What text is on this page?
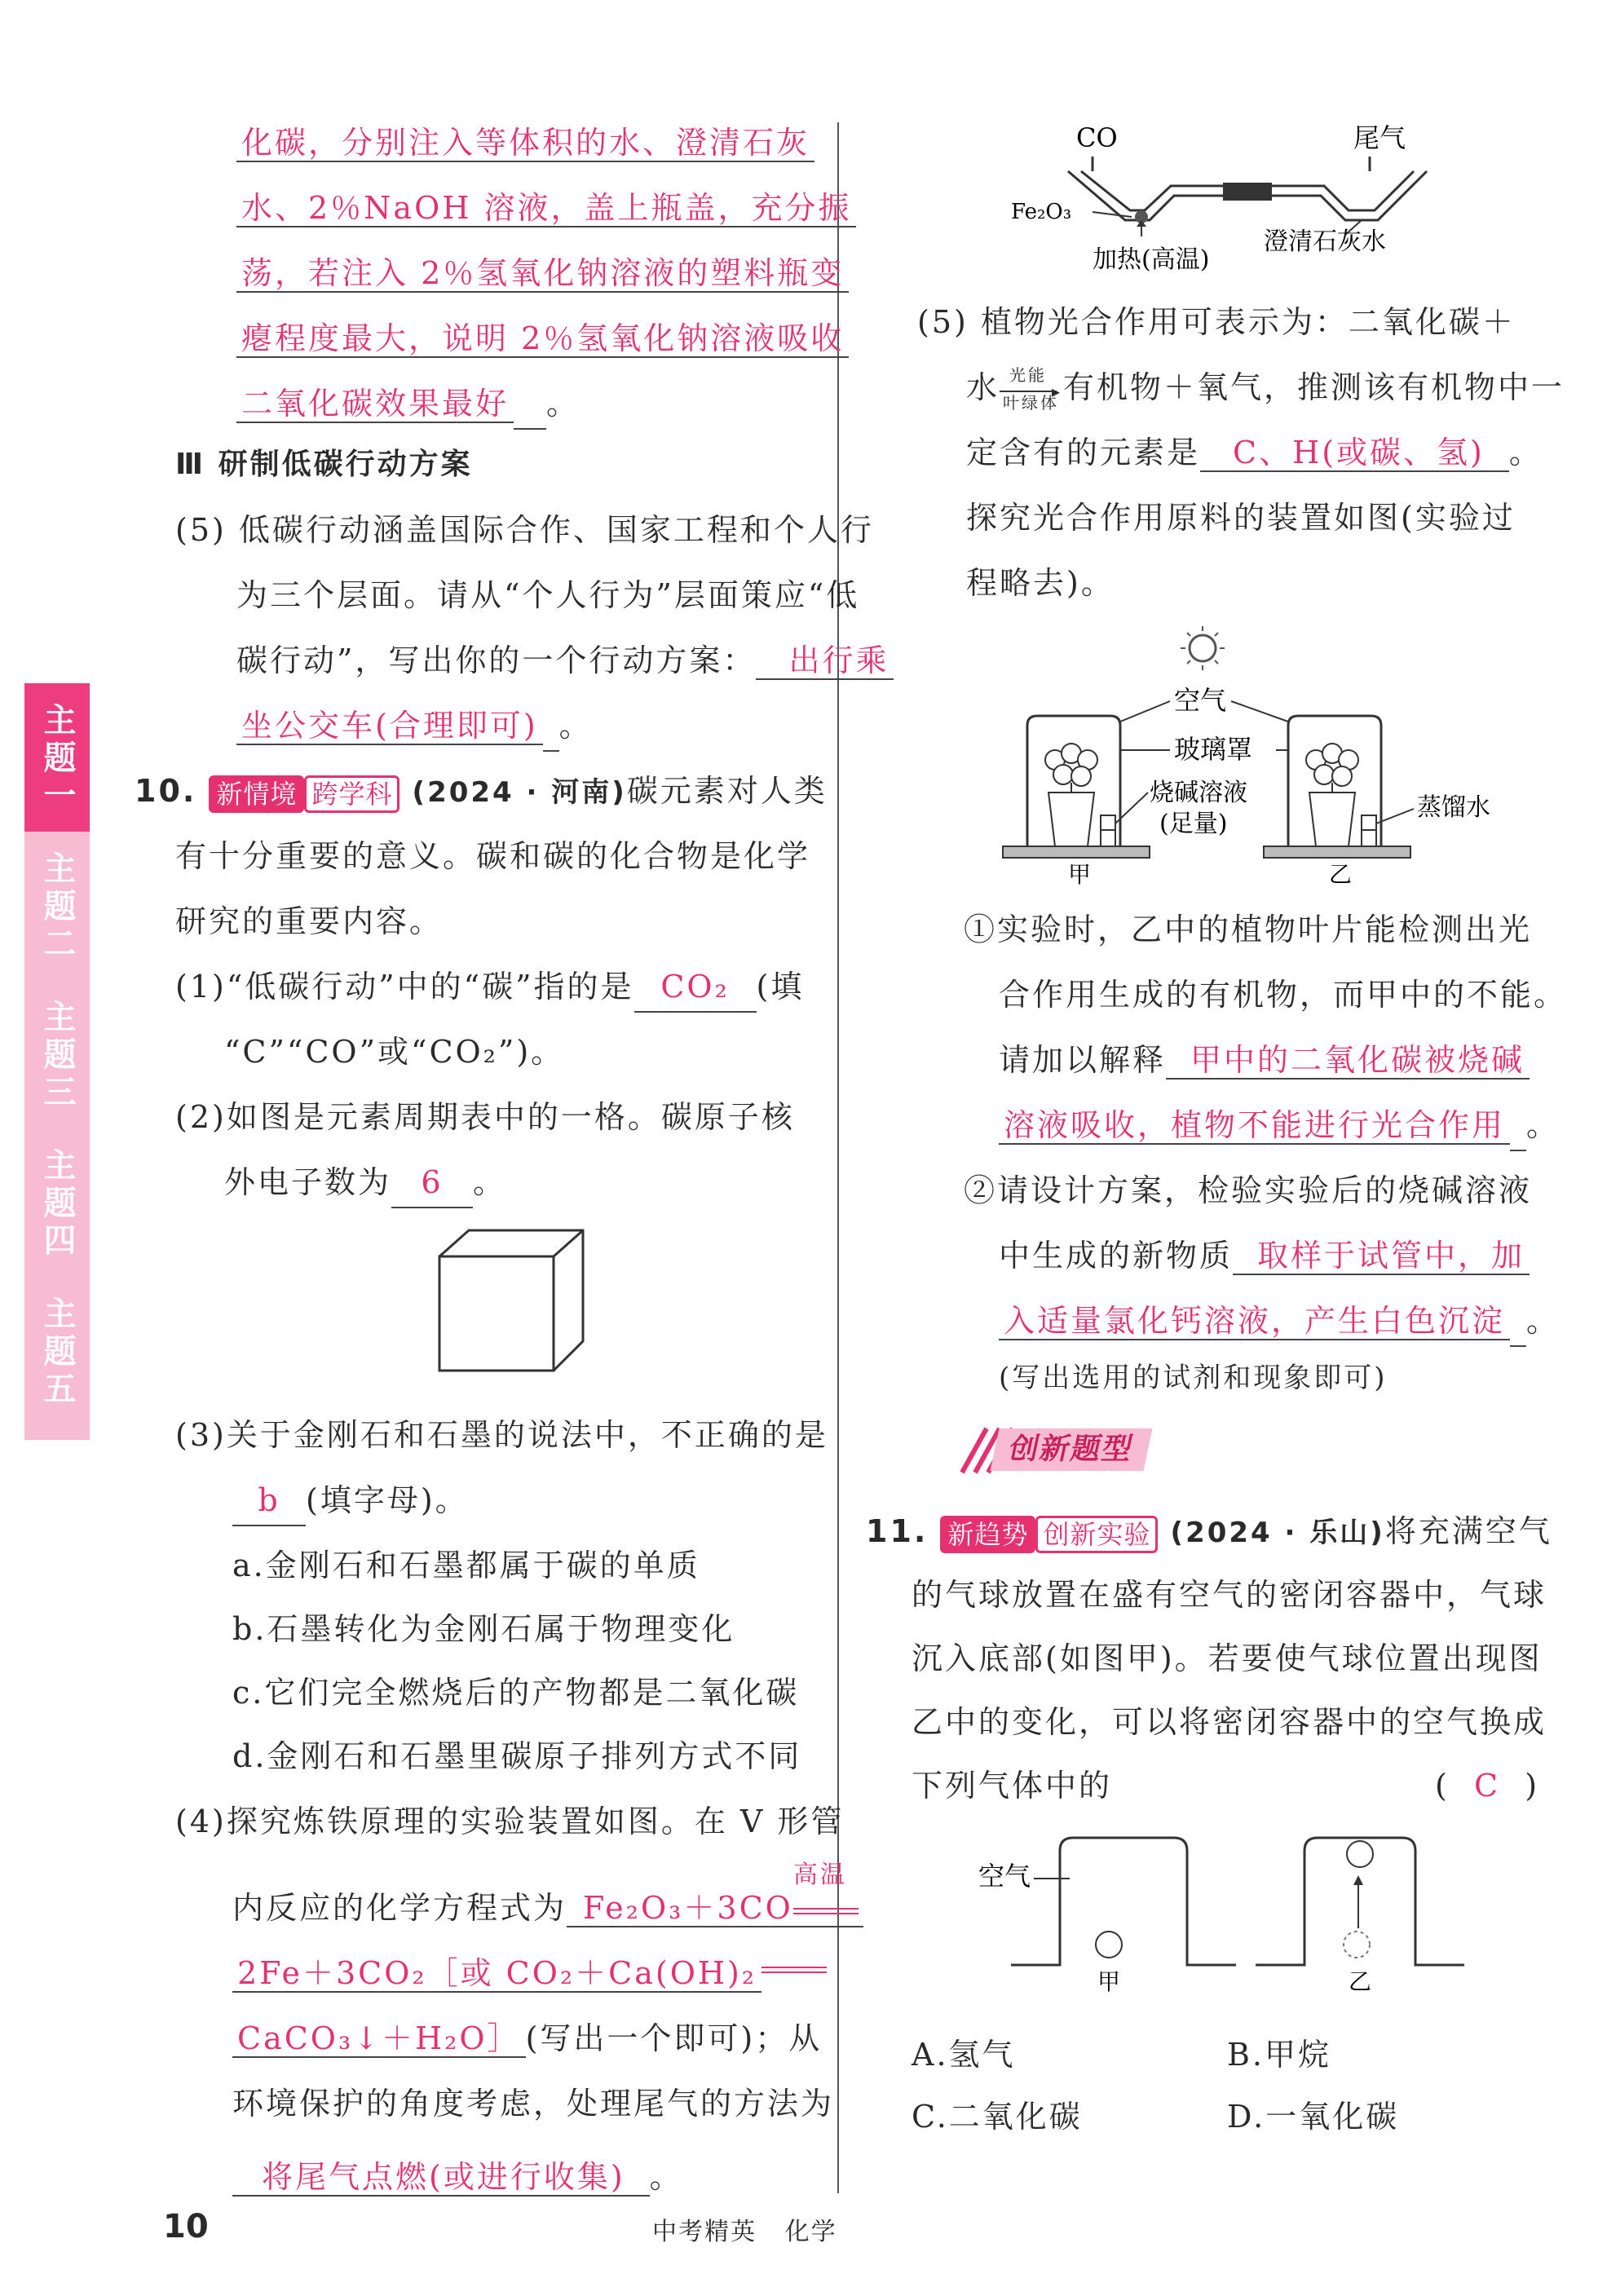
主题一
主题二
主题三
主题四
主题五
化碳，分别注入等体积的水、澄清石灰
水、2％NaOH 溶液，盖上瓶盖，充分振
荡，若注入 2％氢氧化钠溶液的塑料瓶变
瘪程度最大，说明 2％氢氧化钠溶液吸收
二氧化碳效果最好 。
Ⅲ 研制低碳行动方案
(5) 低碳行动涵盖国际合作、国家工程和个人行
为三个层面。请从“个人行为”层面策应“低
碳行动”，写出你的一个行动方案： 出行乘
坐公交车(合理即可) 。
10. 新情境 跨学科 (2024 · 河南)碳元素对人类
有十分重要的意义。碳和碳的化合物是化学
研究的重要内容。
(1)“低碳行动”中的“碳”指的是 CO₂ (填
“C”“CO”或“CO₂”)。
(2)如图是元素周期表中的一格。碳原子核
外电子数为 6 。
(3)关于金刚石和石墨的说法中，不正确的是
b (填字母)。
a.金刚石和石墨都属于碳的单质
b.石墨转化为金刚石属于物理变化
c.它们完全燃烧后的产物都是二氧化碳
d.金刚石和石墨里碳原子排列方式不同
(4)探究炼铁原理的实验装置如图。在 V 形管
内反应的化学方程式为 Fe₂O₃＋3CO
高温

2Fe＋3CO₂［或 CO₂＋Ca(OH)₂

CaCO₃↓＋H₂O］ (写出一个即可)；从
环境保护的角度考虑，处理尾气的方法为
将尾气点燃(或进行收集) 。
CO	尾气
Fe₂O₃
加热(高温)
澄清石灰水
(5) 植物光合作用可表示为：二氧化碳＋
水 光能
▸
叶绿体 有机物＋氧气，推测该有机物中一
定含有的元素是 C、H(或碳、氢) 。
探究光合作用原料的装置如图(实验过
程略去)。
空气
玻璃罩
烧碱溶液
(足量)
蒸馏水
甲	乙
①实验时，乙中的植物叶片能检测出光
合作用生成的有机物，而甲中的不能。
请加以解释 甲中的二氧化碳被烧碱
溶液吸收，植物不能进行光合作用 。
②请设计方案，检验实验后的烧碱溶液
中生成的新物质 取样于试管中，加
入适量氯化钙溶液，产生白色沉淀 。
(写出选用的试剂和现象即可)
创新题型
11. 新趋势 创新实验 (2024 · 乐山)将充满空气
的气球放置在盛有空气的密闭容器中，气球
沉入底部(如图甲)。若要使气球位置出现图
乙中的变化，可以将密闭容器中的空气换成
下列气体中的	(  C  )
空气
甲	乙
A.氢气	B.甲烷
C.二氧化碳	D.一氧化碳
10	中考精英 化学
